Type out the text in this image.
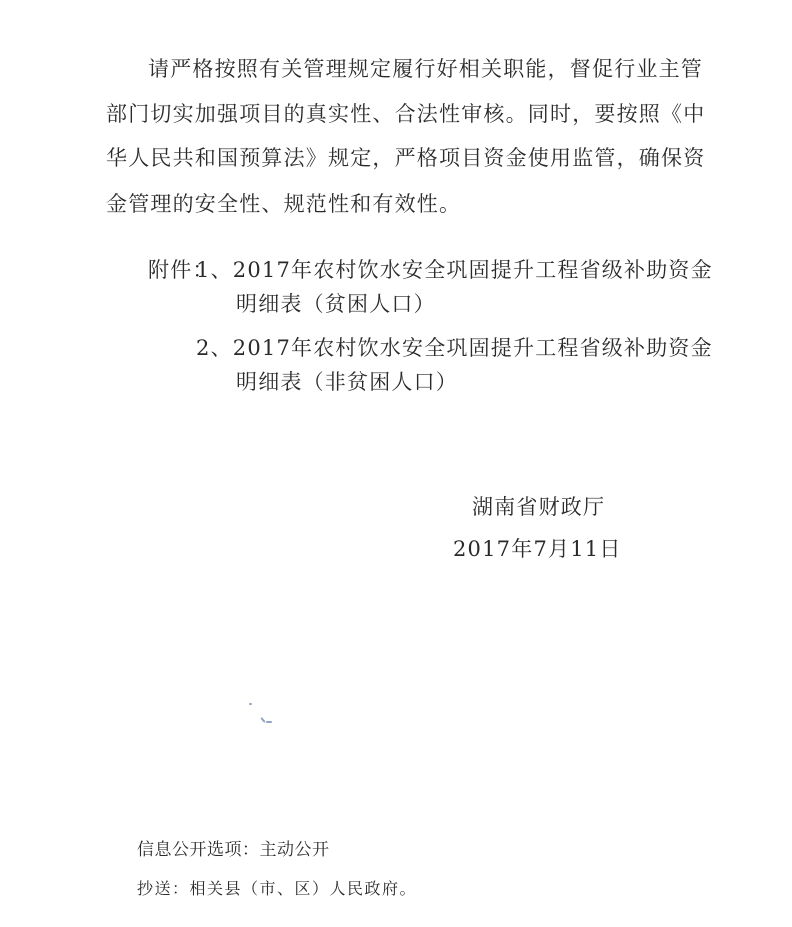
请严格按照有关管理规定履行好相关职能，督促行业主管
部门切实加强项目的真实性、合法性审核。同时，要按照《中
华人民共和国预算法》规定，严格项目资金使用监管，确保资
金管理的安全性、规范性和有效性。
附件：
1、2017年农村饮水安全巩固提升工程省级补助资金
明细表（贫困人口）
2、2017年农村饮水安全巩固提升工程省级补助资金
明细表（非贫困人口）
湖南省财政厅
2017年7月11日
信息公开选项：主动公开
抄送：相关县（市、区）人民政府。
